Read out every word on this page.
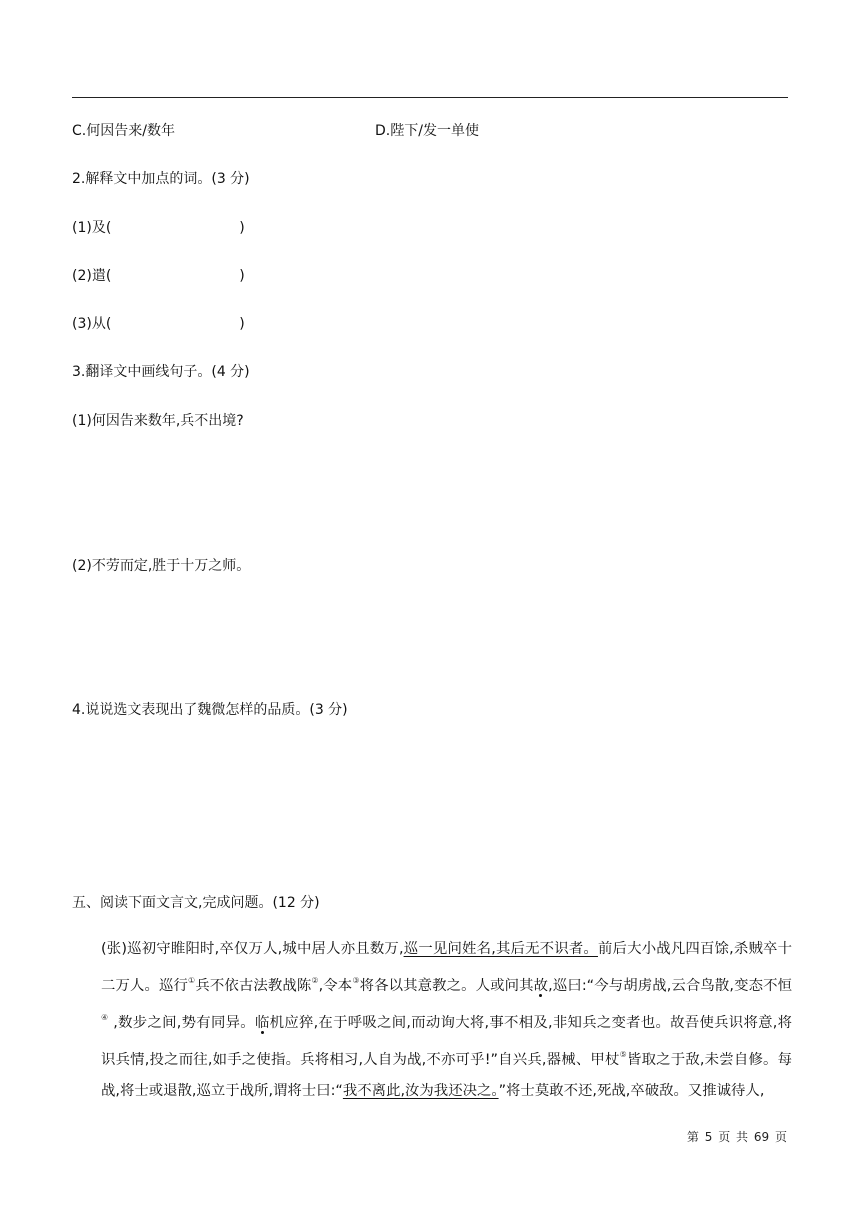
C.何因告来/数年	D.陛下/发一单使
2.解释文中加点的词。(3 分)
(1)及(	)
(2)遣(	)
(3)从(	)
3.翻译文中画线句子。(4 分)
(1)何因告来数年,兵不出境?
(2)不劳而定,胜于十万之师。
4.说说选文表现出了魏微怎样的品质。(3 分)
五、阅读下面文言文,完成问题。(12 分)

(张)巡初守睢阳时,卒仅万人,城中居人亦且数万,巡一见问姓名,其后无不识者。前后大小战凡四百馀,杀贼卒十二万人。巡行①兵不依古法教战陈②,令本③将各以其意教之。人或问其故,巡曰:“今与胡虏战,云合鸟散,变态不恒④ ,数步之间,势有同异。临机应猝,在于呼吸之间,而动询大将,事不相及,非知兵之变者也。故吾使兵识将意,将识兵情,投之而往,如手之使指。兵将相习,人自为战,不亦可乎!”自兴兵,器械、甲杖⑤皆取之于敌,未尝自修。每战,将士或退散,巡立于战所,谓将士曰:“我不离此,汝为我还决之。”将士莫敢不还,死战,卒破敌。又推诚待人,

第 5 页 共 69 页
